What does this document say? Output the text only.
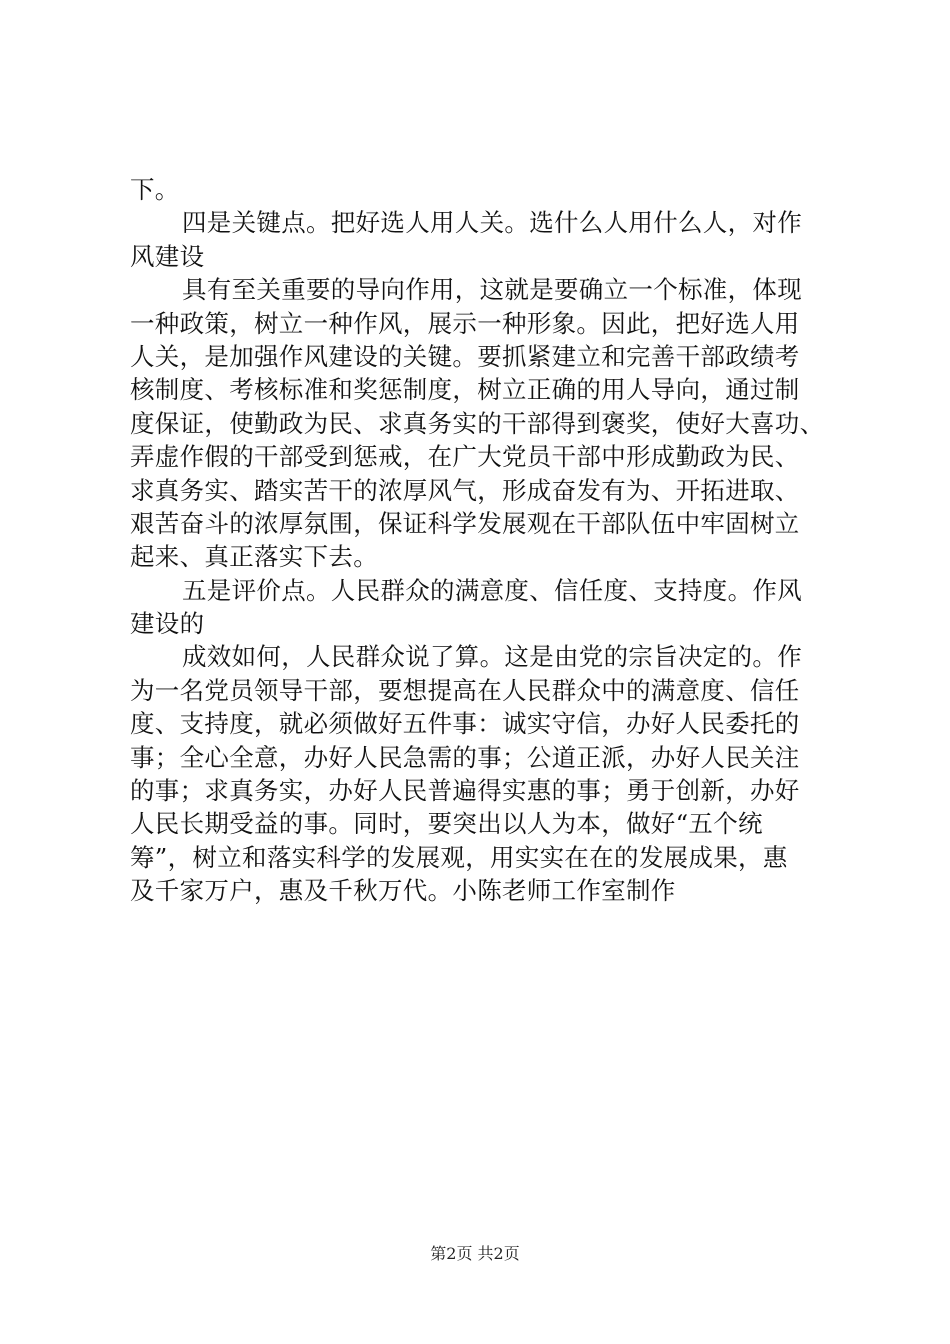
下。
四是关键点。把好选人用人关。选什么人用什么人，对作
风建设
具有至关重要的导向作用，这就是要确立一个标准，体现
一种政策，树立一种作风，展示一种形象。因此，把好选人用
人关，是加强作风建设的关键。要抓紧建立和完善干部政绩考
核制度、考核标准和奖惩制度，树立正确的用人导向，通过制
度保证，使勤政为民、求真务实的干部得到褒奖，使好大喜功、
弄虚作假的干部受到惩戒，在广大党员干部中形成勤政为民、
求真务实、踏实苦干的浓厚风气，形成奋发有为、开拓进取、
艰苦奋斗的浓厚氛围，保证科学发展观在干部队伍中牢固树立
起来、真正落实下去。
五是评价点。人民群众的满意度、信任度、支持度。作风
建设的
成效如何，人民群众说了算。这是由党的宗旨决定的。作
为一名党员领导干部，要想提高在人民群众中的满意度、信任
度、支持度，就必须做好五件事：诚实守信，办好人民委托的
事；全心全意，办好人民急需的事；公道正派，办好人民关注
的事；求真务实，办好人民普遍得实惠的事；勇于创新，办好
人民长期受益的事。同时，要突出以人为本，做好“五个统
筹”，树立和落实科学的发展观，用实实在在的发展成果，惠
及千家万户，惠及千秋万代。小陈老师工作室制作
第2页 共2页
